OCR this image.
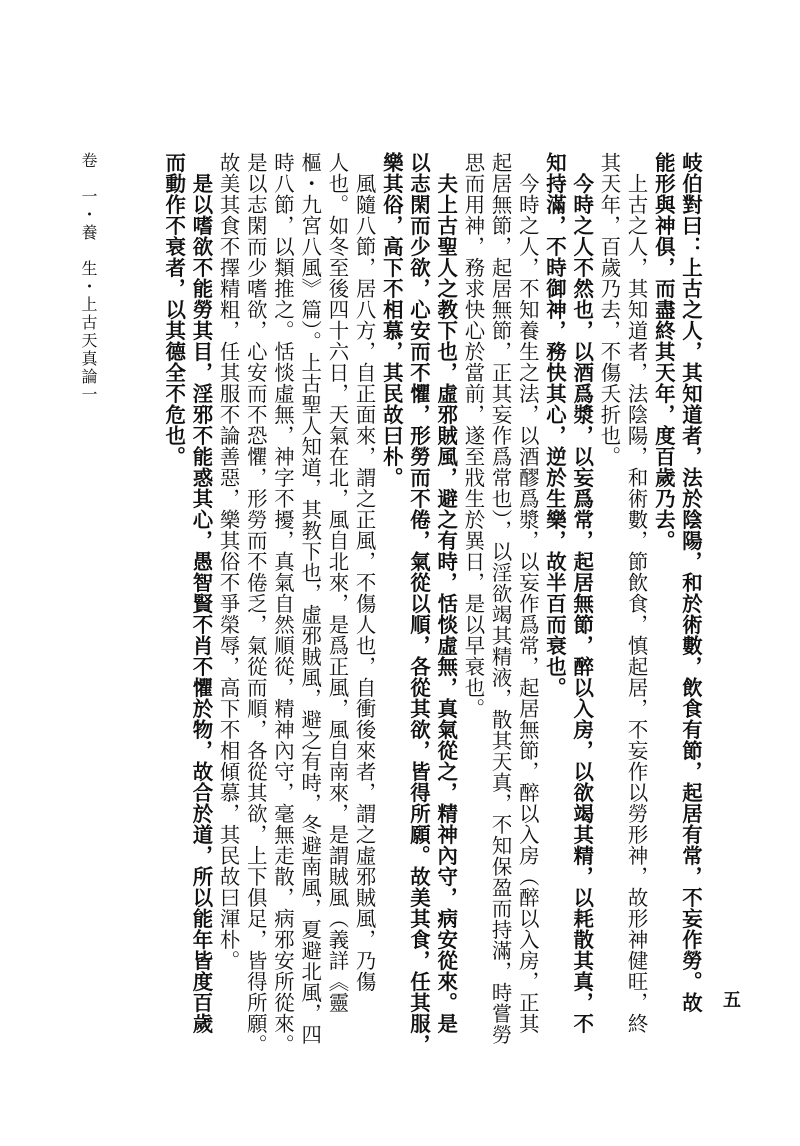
五
卷　一・養　生・上古天真論一	岐伯對曰：上古之人，其知道者，法於陰陽，和於術數，飲食有節，起居有常，不妄作勞。故
能形與神俱，而盡終其天年，度百歲乃去。
　上古之人，其知道者，法陰陽，和術數，節飲食，慎起居，不妄作以勞形神，故形神健旺，終
其天年，百歲乃去，不傷夭折也。
　今時之人不然也，以酒爲漿，以妄爲常，起居無節，醉以入房，以欲竭其精，以耗散其真，不
知持滿，不時御神，務快其心，逆於生樂，故半百而衰也。
　今時之人，不知養生之法，以酒醪爲漿，以妄作爲常，起居無節，醉以入房（醉以入房，正其
起居無節，起居無節，正其妄作爲常也），以淫欲竭其精液，散其天真，不知保盈而持滿，時嘗勞
思而用神，務求快心於當前，遂至戕生於異日，是以早衰也。
　夫上古聖人之教下也，虛邪賊風，避之有時，恬惔虛無，真氣從之，精神內守，病安從來。是
以志閑而少欲，心安而不懼，形勞而不倦，氣從以順，各從其欲，皆得所願。故美其食，任其服，
樂其俗，高下不相慕，其民故曰朴。
　風隨八節，居八方，自正面來，謂之正風，不傷人也，自衝後來者，謂之虛邪賊風，乃傷
人也。如冬至後四十六日，天氣在北，風自北來，是爲正風，風自南來，是謂賊風（義詳《靈
樞・九宮八風》篇）。上古聖人知道，其教下也，虛邪賊風，避之有時，冬避南風，夏避北風，四
時八節，以類推之。恬惔虛無，神字不擾，真氣自然順從，精神內守，毫無走散，病邪安所從來。
是以志閑而少嗜欲，心安而不恐懼，形勞而不倦乏，氣從而順，各從其欲，上下俱足，皆得所願。
故美其食不擇精粗，任其服不論善惡，樂其俗不爭榮辱，高下不相傾慕，其民故曰渾朴。
　是以嗜欲不能勞其目，淫邪不能惑其心，愚智賢不肖不懼於物，故合於道，所以能年皆度百歲
而動作不衰者，以其德全不危也。
